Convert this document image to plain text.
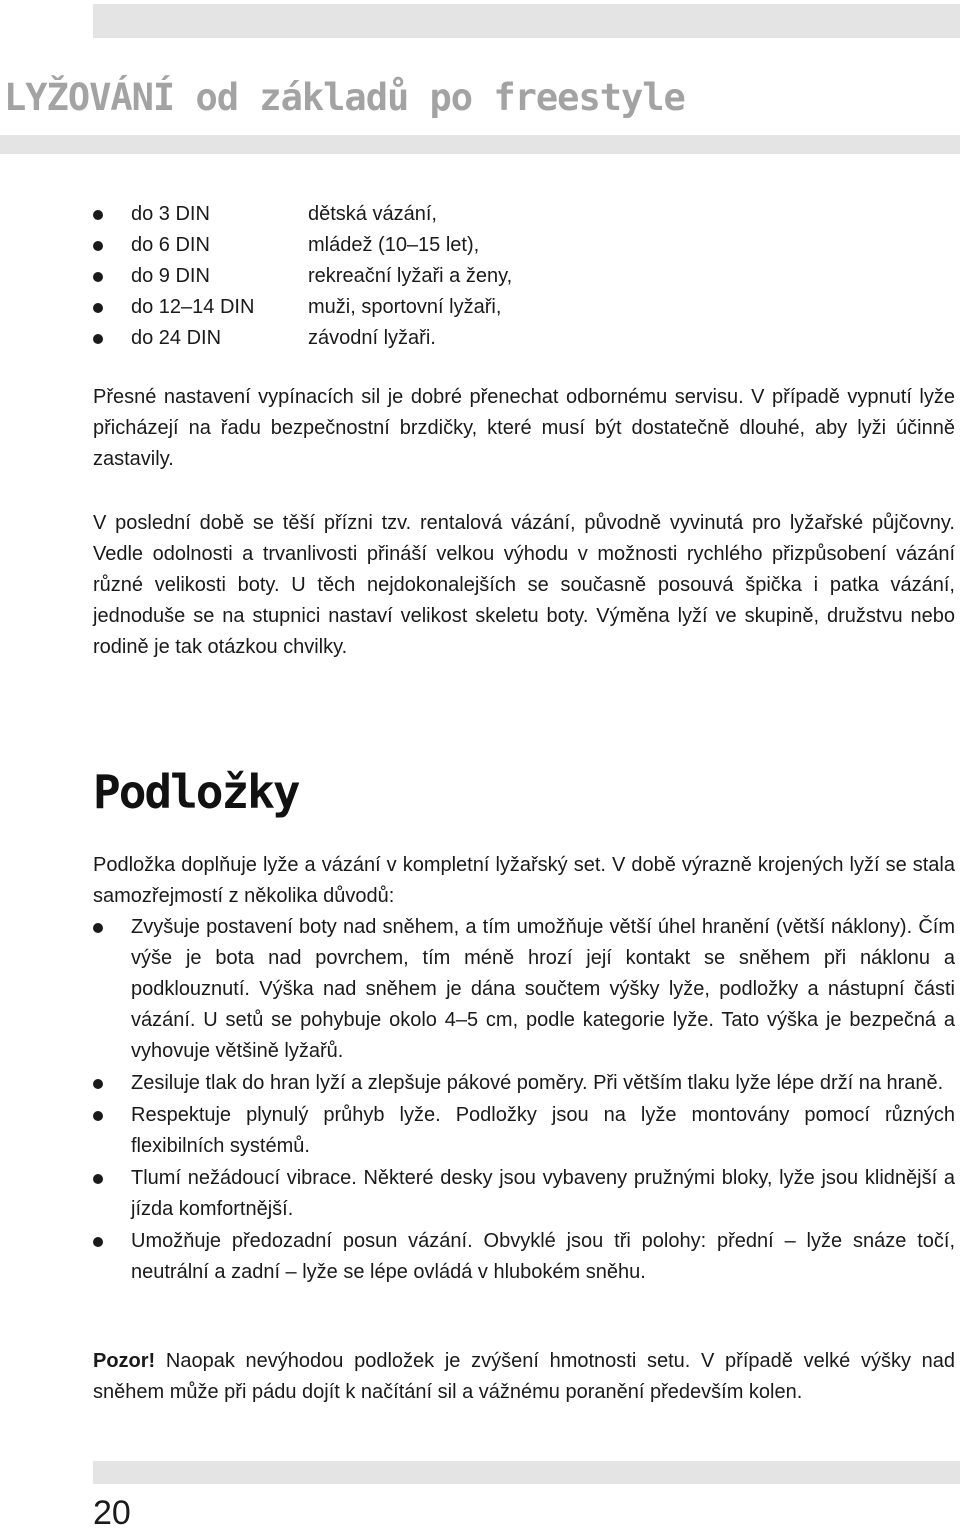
LYŽOVÁNÍ od základů po freestyle
do 3 DIN	dětská vázání,
do 6 DIN	mládež (10–15 let),
do 9 DIN	rekreační lyžaři a ženy,
do 12–14 DIN	muži, sportovní lyžaři,
do 24 DIN	závodní lyžaři.

Přesné nastavení vypínacích sil je dobré přenechat odbornému servisu. V případě vypnutí lyže přicházejí na řadu bezpečnostní brzdičky, které musí být dostatečně dlouhé, aby lyži účinně zastavily.

V poslední době se těší přízni tzv. rentalová vázání, původně vyvinutá pro lyžařské půjčovny. Vedle odolnosti a trvanlivosti přináší velkou výhodu v možnosti rychlého přizpůsobení vázání různé velikosti boty. U těch nejdokonalejších se současně posouvá špička i patka vázání, jednoduše se na stupnici nastaví velikost skeletu boty. Výměna lyží ve skupině, družstvu nebo rodině je tak otázkou chvilky.

Podložky

Podložka doplňuje lyže a vázání v kompletní lyžařský set. V době výrazně krojených lyží se stala samozřejmostí z několika důvodů:

Zvyšuje postavení boty nad sněhem, a tím umožňuje větší úhel hranění (větší náklony). Čím výše je bota nad povrchem, tím méně hrozí její kontakt se sněhem při náklonu a podklouznutí. Výška nad sněhem je dána součtem výšky lyže, podložky a nástupní části vázání. U setů se pohybuje okolo 4–5 cm, podle kategorie lyže. Tato výška je bezpečná a vyhovuje většině lyžařů.
Zesiluje tlak do hran lyží a zlepšuje pákové poměry. Při větším tlaku lyže lépe drží na hraně.
Respektuje plynulý průhyb lyže. Podložky jsou na lyže montovány pomocí různých flexibilních systémů.
Tlumí nežádoucí vibrace. Některé desky jsou vybaveny pružnými bloky, lyže jsou klidnější a jízda komfortnější.
Umožňuje předozadní posun vázání. Obvyklé jsou tři polohy: přední – lyže snáze točí, neutrální a zadní – lyže se lépe ovládá v hlubokém sněhu.

Pozor! Naopak nevýhodou podložek je zvýšení hmotnosti setu. V případě velké výšky nad sněhem může při pádu dojít k načítání sil a vážnému poranění především kolen.

20
